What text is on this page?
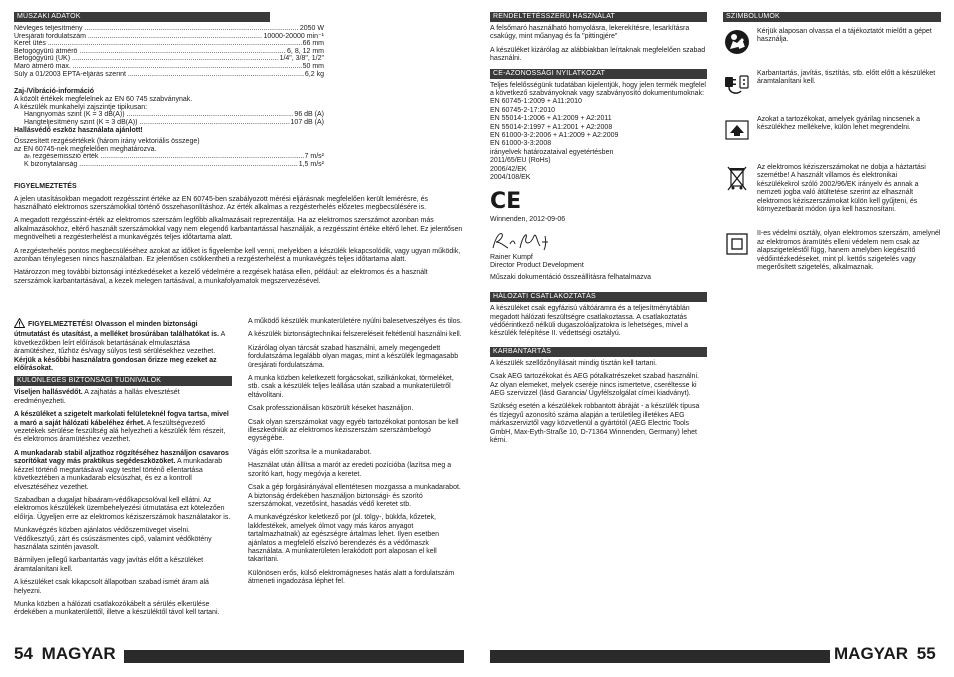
MŰSZAKI ADATOK
Névleges teljesítmény .....	2050 W
Üresjárati fordulatszám .....	10000-20000 min⁻¹
Keret ütés .....	66 mm
Befogógyűrű átmérő .....	6, 8, 12 mm
Befogógyűrű (UK) .....	1/4", 3/8", 1/2"
Maró átmérő max. .....	50 mm
Súly a 01/2003 EPTA-eljárás szerint .....	6,2 kg
Zaj-/Vibráció-információ
A közölt értékek megfelelnek az EN 60 745 szabványnak.
A készülék munkahelyi zajszintje tipikusan:
Hangnyomás szint (K = 3 dB(A)) .....	96 dB (A)
Hangteljesítmény szint (K = 3 dB(A)) .....	107 dB (A)
Hallásvédő eszköz használata ajánlott!
Összesített rezgésértékek (három irány vektoriális összege)
az EN 60745-nek megfelelően meghatározva.
aₕ rezgésemisszió érték .....	7 m/s²
K bizonytalanság .....	1,5 m/s²
FIGYELMEZTETÉS

A jelen utasításokban megadott rezgésszint értéke az EN 60745-ben szabályozott mérési eljárásnak megfelelően került lemérésre, és használható elektromos szerszámokkal történő összehasonlításhoz. Az érték alkalmas a rezgésterhelés előzetes megbecsülésére is.

A megadott rezgésszint-érték az elektromos szerszám legfőbb alkalmazásait reprezentálja. Ha az elektromos szerszámot azonban más alkalmazásokhoz, eltérő használt szerszámokkal vagy nem elegendő karbantartással használják, a rezgésszint értéke eltérő lehet. Ez jelentősen megnövelheti a rezgésterhelést a munkavégzés teljes időtartama alatt.

A rezgésterhelés pontos megbecsüléséhez azokat az időket is figyelembe kell venni, melyekben a készülék lekapcsolódik, vagy ugyan működik, azonban ténylegesen nincs használatban. Ez jelentősen csökkentheti a rezgésterhelést a munkavégzés teljes időtartama alatt.

Határozzon meg további biztonsági intézkedéseket a kezelő védelmére a rezgések hatása ellen, például: az elektromos és a használt szerszámok karbantartásával, a kezek melegen tartásával, a munkafolyamatok megszervezésével.

FIGYELMEZTETÉS! Olvasson el minden biztonsági útmutatást és utasítást, a melléket brosúrában találhatókat is. A következőkben leírt előírások betartásának elmulasztása áramütéshez, tűzhöz és/vagy súlyos testi sérülésekhez vezethet. Kérjük a későbbi használatra gondosan őrizze meg ezeket az előírásokat.
KÜLÖNLEGES BIZTONSÁGI TUDNIVALÓK

Viseljen hallásvédőt. A zajhatás a hallás elvesztését eredményezheti.

A készüléket a szigetelt markolati felületeknél fogva tartsa, mivel a maró a saját hálózati kábeléhez érhet. A feszültségvezető vezetékek sérülése feszültség alá helyezheti a készülék fém részeit, és elektromos áramütéshez vezethet.

A munkadarab stabil aljzathoz rögzítéséhez használjon csavaros szorítókat vagy más praktikus segédeszközöket. A munkadarab kézzel történő megtartásával vagy testtel történő ellentartása következtében a munkadarab elcsúszhat, és ez a kontroll elvesztéséhez vezethet.

Szabadban a dugaljat hibaáram-védőkapcsolóval kell ellátni. Az elektromos készülékek üzembehelyezési útmutatása ezt kötelezően előírja. Ügyeljen erre az elektromos kéziszerszámok használatakor is.

Munkavégzés közben ajánlatos védőszemüveget viselni. Védőkesztyű, zárt és csúszásmentes cipő, valamint védőkötény használata szintén javasolt.

Bármilyen jellegű karbantartás vagy javítás előtt a készüléket áramtalanítani kell.

A készüléket csak kikapcsolt állapotban szabad ismét áram alá helyezni.

Munka közben a hálózati csatlakozókábelt a sérülés elkerülése érdekében a munkaterülettől, illetve a készüléktől távol kell tartani.

A működő készülék munkaterületére nyúlni balesetveszélyes és tilos.

A készülék biztonságtechnikai felszereléseit feltétlenül használni kell.

Kizárólag olyan tárcsát szabad használni, amely megengedett fordulatszáma legalább olyan magas, mint a készülék legmagasabb üresjárati fordulatszáma.

A munka közben keletkezett forgácsokat, szilkánkokat, törmeléket, stb. csak a készülék teljes leállása után szabad a munkaterületről eltávolítani.

Csak professzionálisan köszörült késeket használjon.

Csak olyan szerszámokat vagy egyéb tartozékokat pontosan be kell illeszkedniük az elektromos kéziszerszám szerszámbefogó egységébe.

Vágás előtt szorítsa le a munkadarabot.

Használat után állítsa a marót az eredeti pozícióba (lazítsa meg a szorító kart, hogy megóvja a keretet.

Csak a gép forgásirányával ellentétesen mozgassa a munkadarabot. A biztonság érdekében használjon biztonsági- és szorító szerszámokat, vezetősínt, hasadás védő keretet stb.

A munkavégzéskor keletkező por (pl. tölgy-, bükkfa, kőzetek, lakkfestékek, amelyek ólmot vagy más káros anyagot tartalmazhatnak) az egészségre ártalmas lehet. Ilyen esetben ajánlatos a megfelelő elszívó berendezés és a védőmaszk használata. A munkaterületen lerakódott port alaposan el kell takarítani.

Különösen erős, külső elektromágneses hatás alatt a fordulatszám átmeneti ingadozása léphet fel.

54 MAGYAR
RENDELTETÉSSZERŰ HASZNÁLAT

A felsőmaró használható hornyolásra, lekerekítésre, lesarkításra csakúgy, mint műanyag és fa "pittingjére"

A készüléket kizárólag az alábbiakban leírtaknak megfelelően szabad használni.

CE-AZONOSSÁGI NYILATKOZAT

Teljes felelősségünk tudatában kijelentjük, hogy jelen termék megfelel a következő szabványoknak vagy szabványosító dokumentumoknak:

EN 60745-1:2009 + A11:2010
EN 60745-2-17:2010
EN 55014-1:2006 + A1:2009 + A2:2011
EN 55014-2:1997 + A1:2001 + A2:2008
EN 61000-3-2:2006 + A1:2009 + A2:2009
EN 61000-3-3:2008
irányelvek határozataival egyetértésben
2011/65/EU (RoHs)
2006/42/EK
2004/108/EK
CE
Winnenden, 2012-09-06
Rainer Kumpf
Director Product Development
Műszaki dokumentáció összeállításra felhatalmazva
HÁLÓZATI CSATLAKOZTATÁS

A készüléket csak egyfázisú váltóáramra és a teljesítménytáblán megadott hálózati feszültségre csatlakoztassa. A csatlakoztatás védőérintkező nélküli dugaszolóaljzatokra is lehetséges, mivel a készülék felépítése II. védettségi osztályú.

KARBANTARTÁS

A készülék szellőzőnyílásait mindig tisztán kell tartani.

Csak AEG tartozékokat és AEG pótalkatrészeket szabad használni. Az olyan elemeket, melyek cseréje nincs ismertetve, cseréltesse ki AEG szervizzel (lásd Garancia/ Ügyfélszolgálat címei kiadványt).

Szükség esetén a készülékek robbantott ábráját - a készülék típusa és tízjegyű azonosító száma alapján a területileg illetékes AEG márkaszerviztől vagy közvetlenül a gyártótól (AEG Electric Tools GmbH, Max-Eyth-Straße 10, D-71364 Winnenden, Germany) lehet kérni.

SZIMBÓLUMOK
Kérjük alaposan olvassa el a tájékoztatót mielőtt a gépet használja.
Karbantartás, javítás, tisztítás, stb. előtt előtt a készüléket áramtalanítani kell.
Azokat a tartozékokat, amelyek gyárilag nincsenek a készülékhez mellékelve, külön lehet megrendelni.
Az elektromos kéziszerszámokat ne dobja a háztartási szemétbe! A használt villamos és elektronikai készülékekrol szóló 2002/96/EK irányelv és annak a nemzeti jogba való átültetése szerint az elhasznált elektromos kéziszerszámokat külön kell gyűjteni, és környezetbarát módon újra kell hasznosítani.
II-es védelmi osztály, olyan elektromos szerszám, amelynél az elektromos áramütés elleni védelem nem csak az alapszigeteléstől függ, hanem amelyben kiegészítő védőintézkedéseket, mint pl. kettős szigetelés vagy megerősített szigetelés, alkalmaznak.
MAGYAR 55
